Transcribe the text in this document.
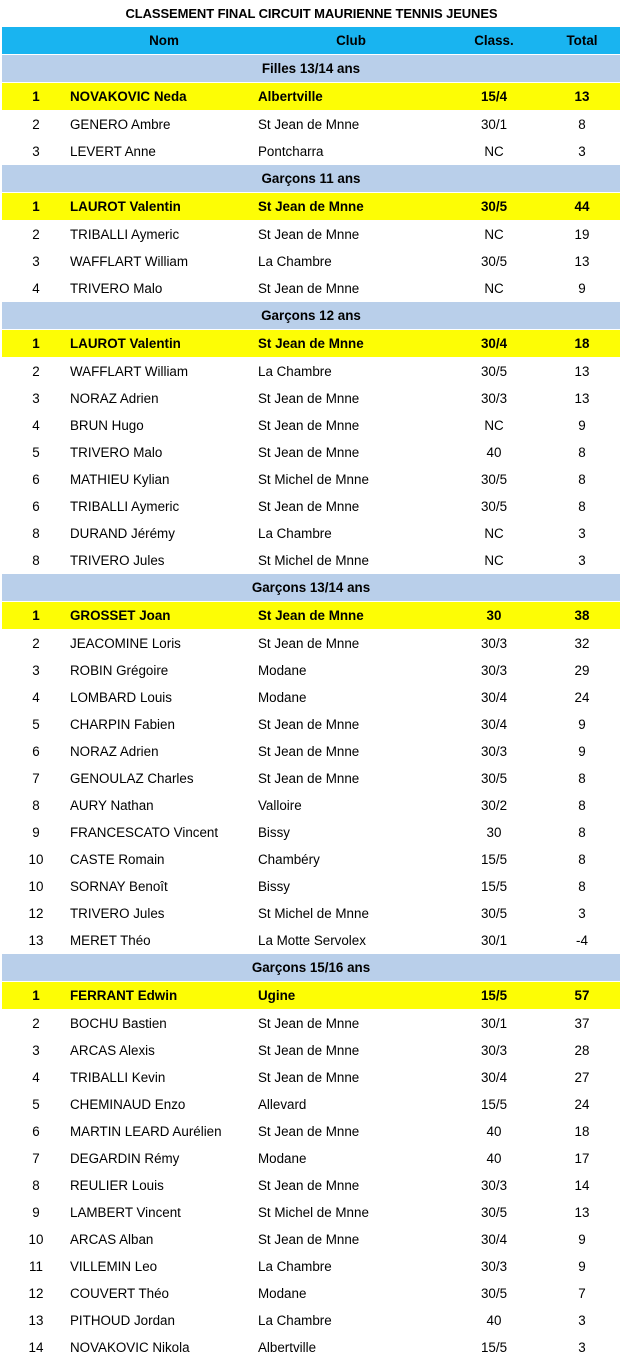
CLASSEMENT FINAL CIRCUIT MAURIENNE TENNIS JEUNES
	Nom	Club	Class.	Total
Filles 13/14 ans				
1	NOVAKOVIC Neda	Albertville	15/4	13
2	GENERO Ambre	St Jean de Mnne	30/1	8
3	LEVERT Anne	Pontcharra	NC	3
Garçons 11 ans				
1	LAUROT Valentin	St Jean de Mnne	30/5	44
2	TRIBALLI Aymeric	St Jean de Mnne	NC	19
3	WAFFLART William	La Chambre	30/5	13
4	TRIVERO Malo	St Jean de Mnne	NC	9
Garçons 12 ans				
1	LAUROT Valentin	St Jean de Mnne	30/4	18
2	WAFFLART William	La Chambre	30/5	13
3	NORAZ Adrien	St Jean de Mnne	30/3	13
4	BRUN Hugo	St Jean de Mnne	NC	9
5	TRIVERO Malo	St Jean de Mnne	40	8
6	MATHIEU Kylian	St Michel de Mnne	30/5	8
6	TRIBALLI Aymeric	St Jean de Mnne	30/5	8
8	DURAND Jérémy	La Chambre	NC	3
8	TRIVERO Jules	St Michel de Mnne	NC	3
Garçons 13/14 ans				
1	GROSSET Joan	St Jean de Mnne	30	38
2	JEACOMINE Loris	St Jean de Mnne	30/3	32
3	ROBIN Grégoire	Modane	30/3	29
4	LOMBARD Louis	Modane	30/4	24
5	CHARPIN Fabien	St Jean de Mnne	30/4	9
6	NORAZ Adrien	St Jean de Mnne	30/3	9
7	GENOULAZ Charles	St Jean de Mnne	30/5	8
8	AURY Nathan	Valloire	30/2	8
9	FRANCESCATO Vincent	Bissy	30	8
10	CASTE Romain	Chambéry	15/5	8
10	SORNAY Benoît	Bissy	15/5	8
12	TRIVERO Jules	St Michel de Mnne	30/5	3
13	MERET Théo	La Motte Servolex	30/1	-4
Garçons 15/16 ans				
1	FERRANT Edwin	Ugine	15/5	57
2	BOCHU Bastien	St Jean de Mnne	30/1	37
3	ARCAS Alexis	St Jean de Mnne	30/3	28
4	TRIBALLI Kevin	St Jean de Mnne	30/4	27
5	CHEMINAUD Enzo	Allevard	15/5	24
6	MARTIN LEARD Aurélien	St Jean de Mnne	40	18
7	DEGARDIN Rémy	Modane	40	17
8	REULIER Louis	St Jean de Mnne	30/3	14
9	LAMBERT Vincent	St Michel de Mnne	30/5	13
10	ARCAS Alban	St Jean de Mnne	30/4	9
11	VILLEMIN Leo	La Chambre	30/3	9
12	COUVERT Théo	Modane	30/5	7
13	PITHOUD Jordan	La Chambre	40	3
14	NOVAKOVIC Nikola	Albertville	15/5	3
